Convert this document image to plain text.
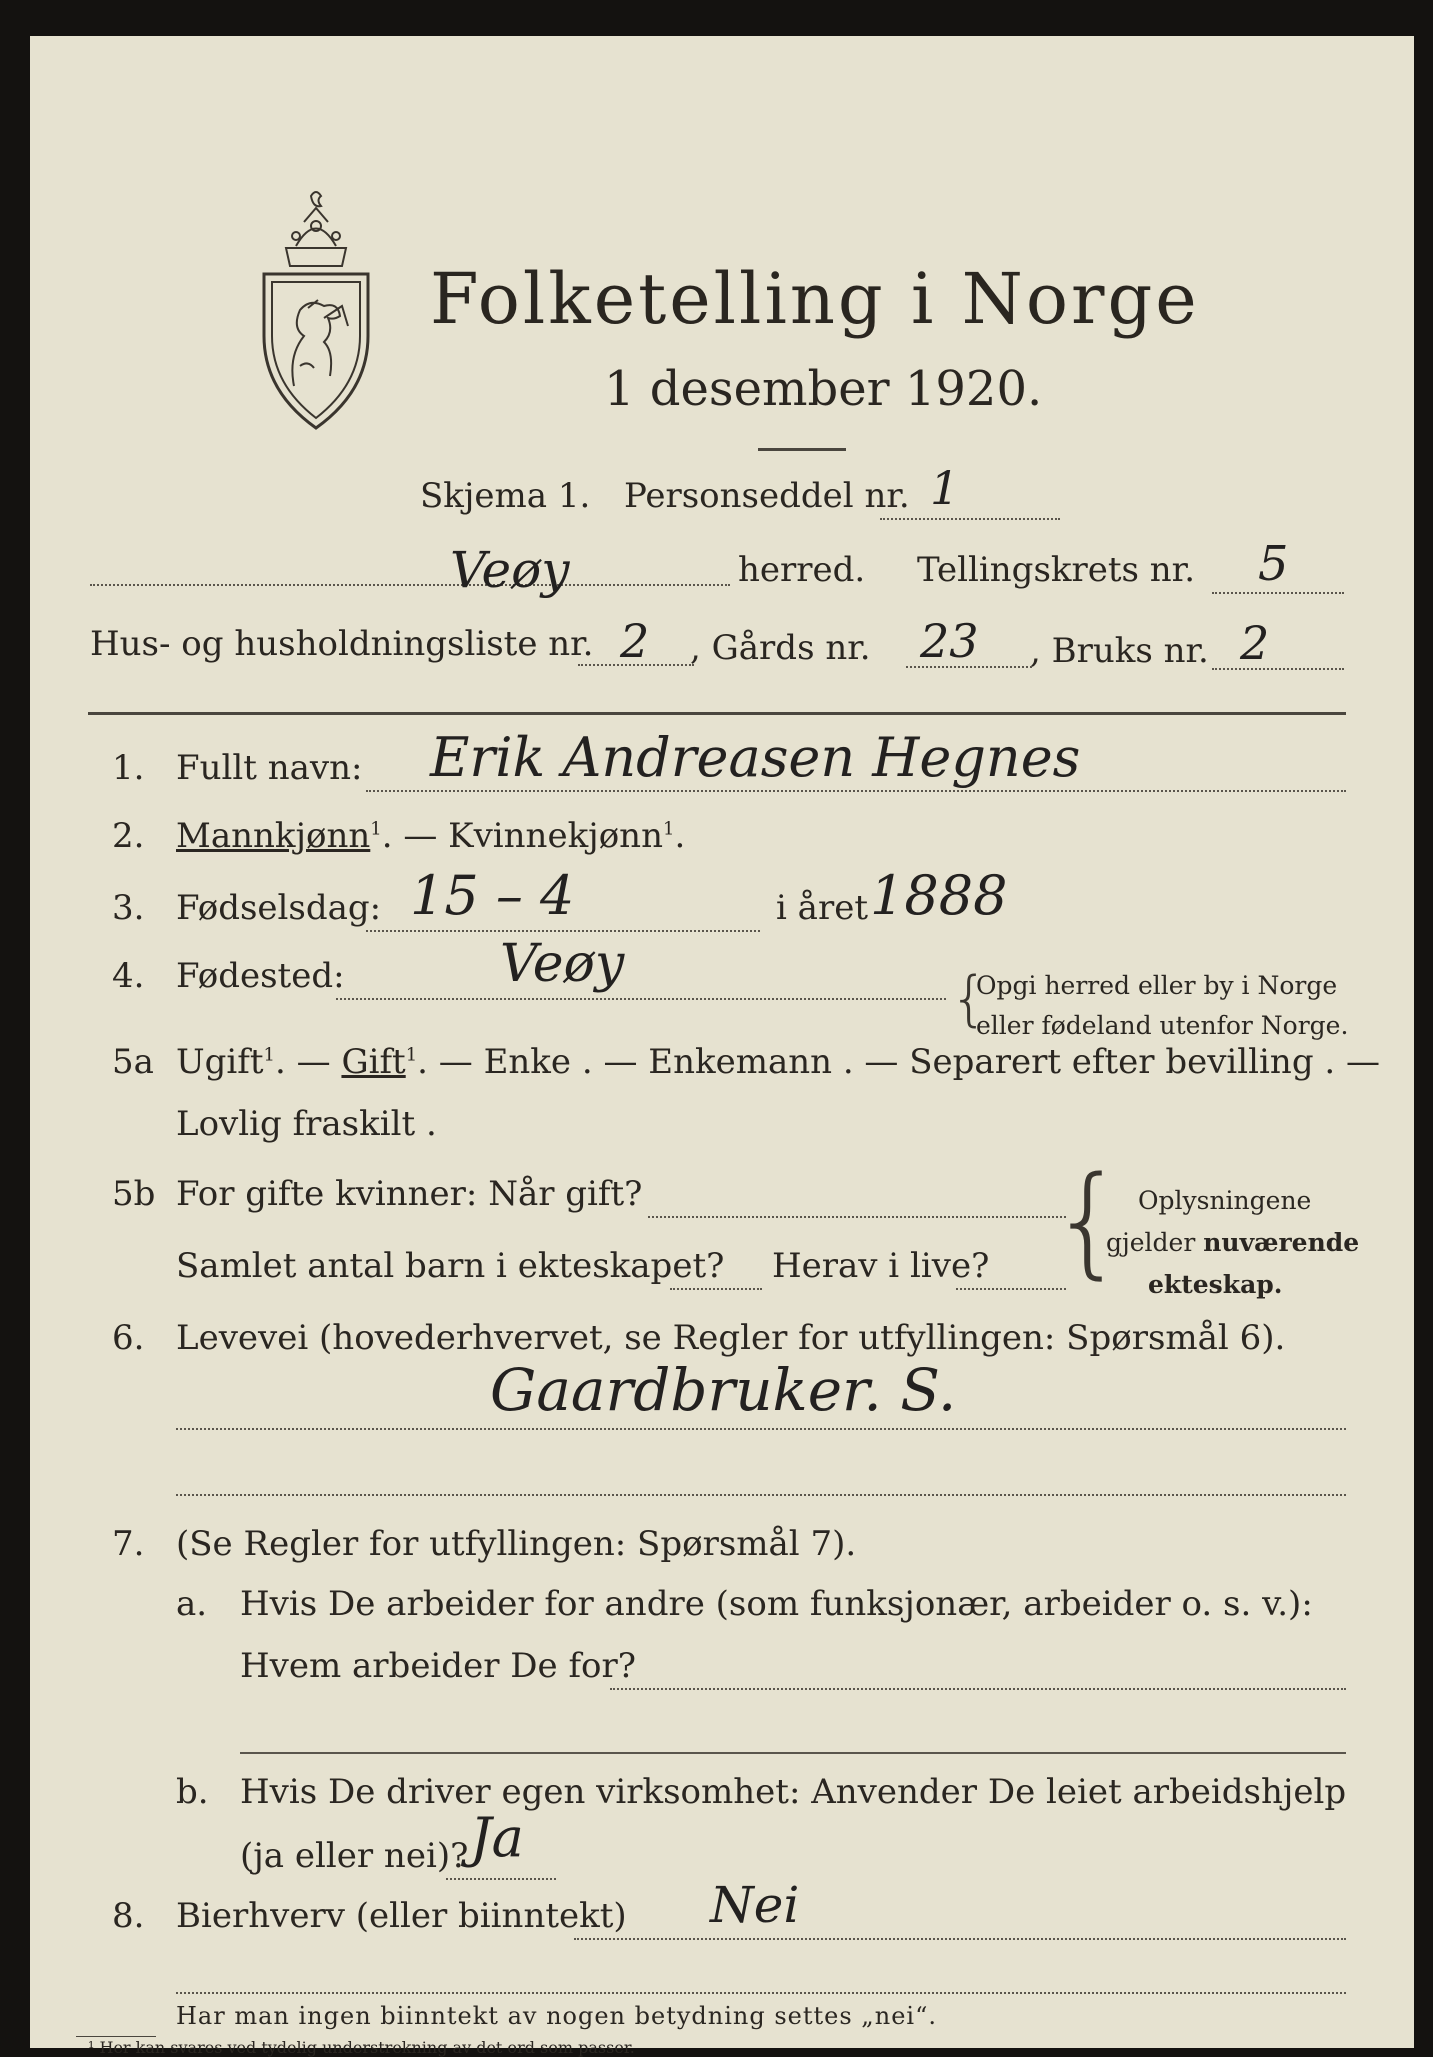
Folketelling i Norge
1 desember 1920.
Skjema 1. Personseddel nr. 1
Veøy	herred. Tellingskrets nr. 5
Hus- og husholdningsliste nr. 2 , Gårds nr. 23 , Bruks nr. 2
1. Fullt navn: Erik Andreasen Hegnes
2. Mannkjønn$^1$. — Kvinnekjønn$^1$.
3. Fødselsdag: 15 – 4	i året 1888
4. Fødested:	Veøy	{
Opgi herred eller by i Norge
eller fødeland utenfor Norge.
5a Ugift$^1$. — Gift$^1$. — Enke . — Enkemann . — Separert efter bevilling . —
Lovlig fraskilt .
5b For gifte kvinner: Når gift?
Samlet antal barn i ekteskapet? Herav i live? { Oplysningene
gjelder nuværende
ekteskap.
6. Levevei (hovederhvervet, se Regler for utfyllingen: Spørsmål 6).
Gaardbruker. S.
7. (Se Regler for utfyllingen: Spørsmål 7).
a. Hvis De arbeider for andre (som funksjonær, arbeider o. s. v.):
Hvem arbeider De for?
b. Hvis De driver egen virksomhet: Anvender De leiet arbeidshjelp
(ja eller nei)? Ja
8. Bierhverv (eller biinntekt) Nei
Har man ingen biinntekt av nogen betydning settes „nei“.
¹ Her kan svares ved tydelig understrekning av det ord som passer.
